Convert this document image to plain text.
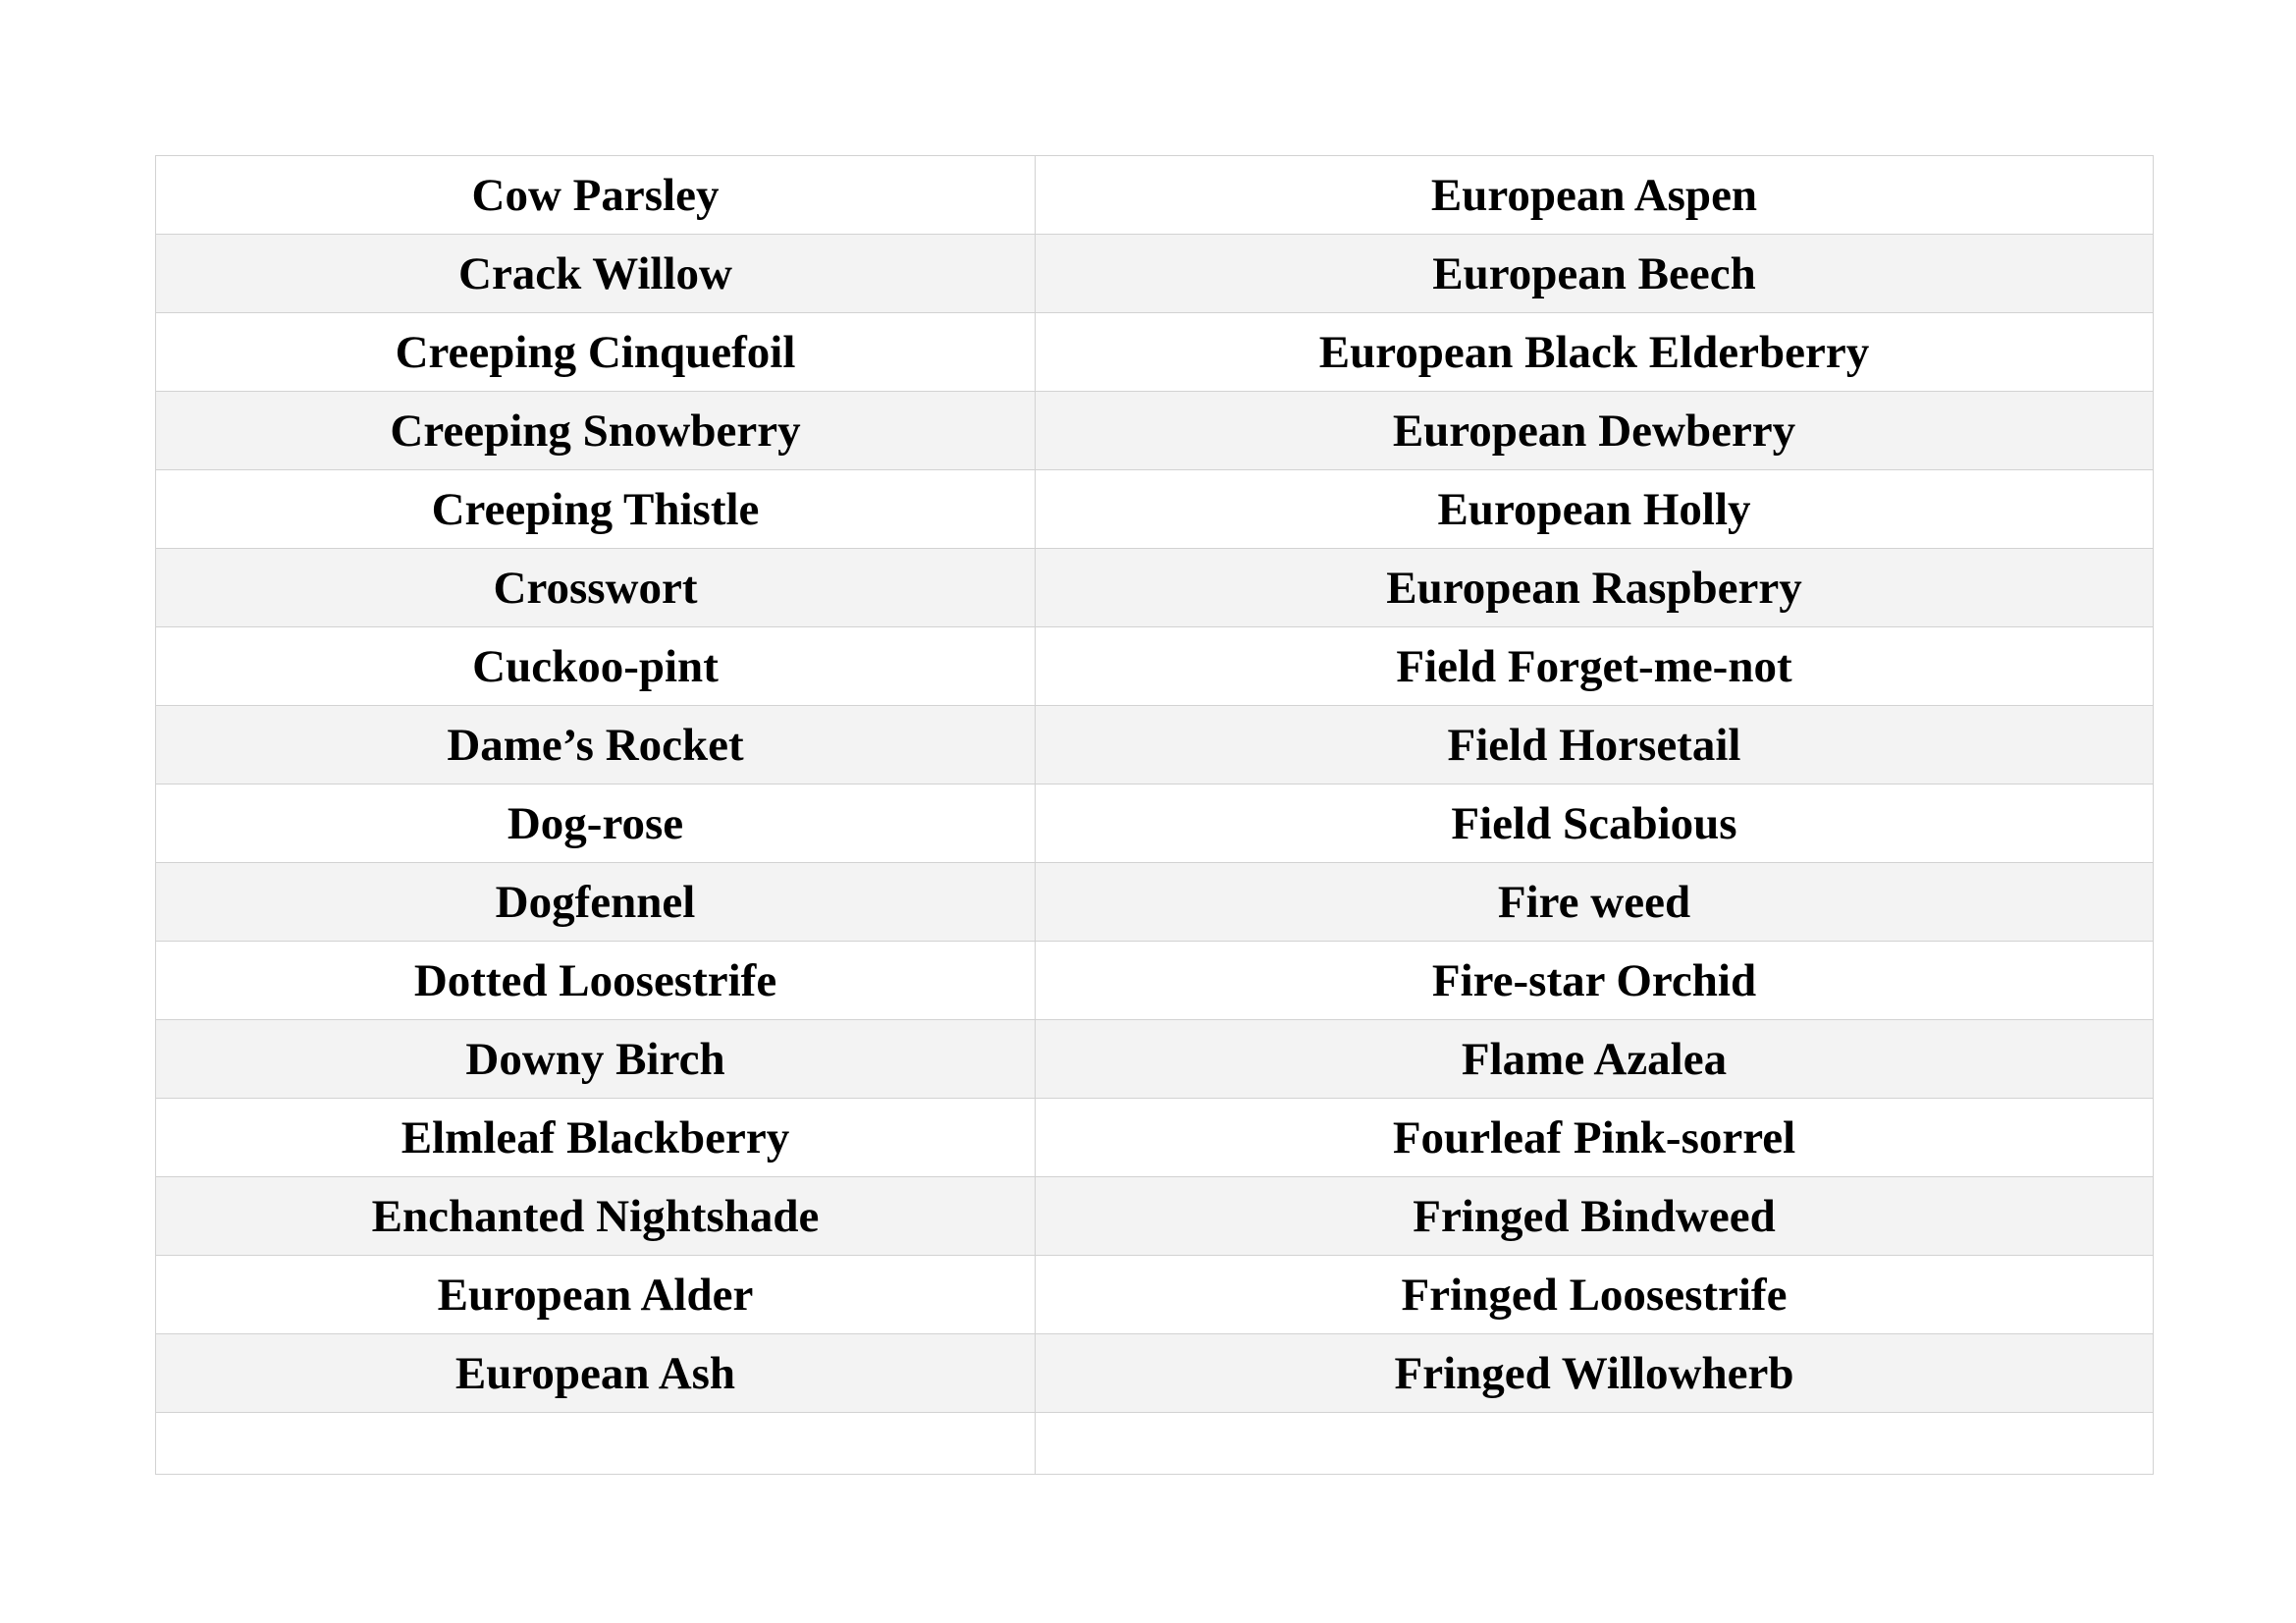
Cow Parsley	European Aspen
Crack Willow	European Beech
Creeping Cinquefoil	European Black Elderberry
Creeping Snowberry	European Dewberry
Creeping Thistle	European Holly
Crosswort	European Raspberry
Cuckoo-pint	Field Forget-me-not
Dame’s Rocket	Field Horsetail
Dog-rose	Field Scabious
Dogfennel	Fire weed
Dotted Loosestrife	Fire-star Orchid
Downy Birch	Flame Azalea
Elmleaf Blackberry	Fourleaf Pink-sorrel
Enchanted Nightshade	Fringed Bindweed
European Alder	Fringed Loosestrife
European Ash	Fringed Willowherb
